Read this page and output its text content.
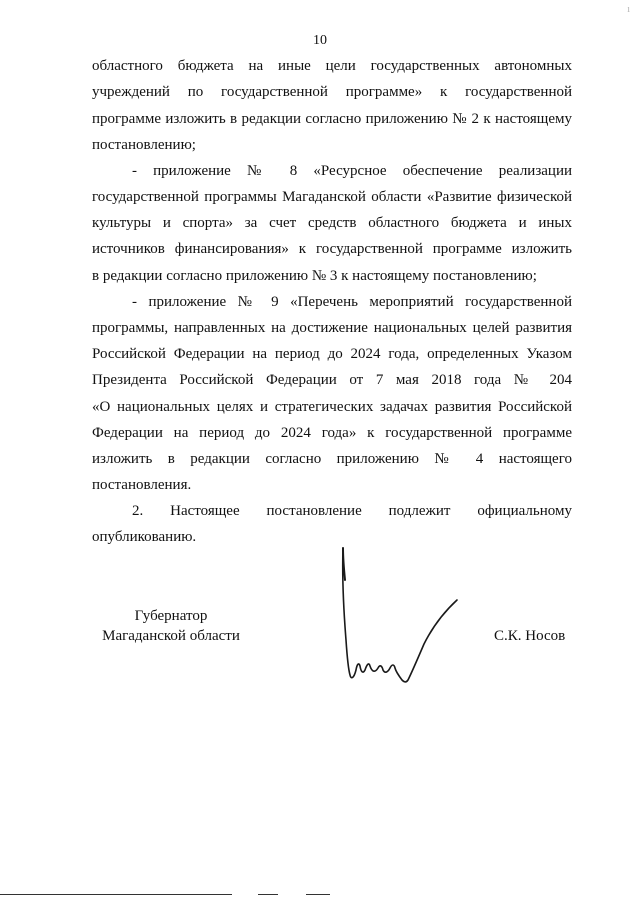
10
ı
областного бюджета на иные цели государственных автономных
учреждений по государственной программе» к государственной
программе изложить в редакции согласно приложению № 2 к настоящему
постановлению;
- приложение № 8 «Ресурсное обеспечение реализации
государственной программы Магаданской области «Развитие физической
культуры и спорта» за счет средств областного бюджета и иных
источников финансирования» к государственной программе изложить
в редакции согласно приложению № 3 к настоящему постановлению;
- приложение № 9 «Перечень мероприятий государственной
программы, направленных на достижение национальных целей развития
Российской Федерации на период до 2024 года, определенных Указом
Президента Российской Федерации от 7 мая 2018 года № 204
«О национальных целях и стратегических задачах развития Российской
Федерации на период до 2024 года» к государственной программе
изложить в редакции согласно приложению № 4 настоящего
постановления.
2. Настоящее постановление подлежит официальному
опубликованию.
Губернатор
Магаданской области	С.К. Носов
